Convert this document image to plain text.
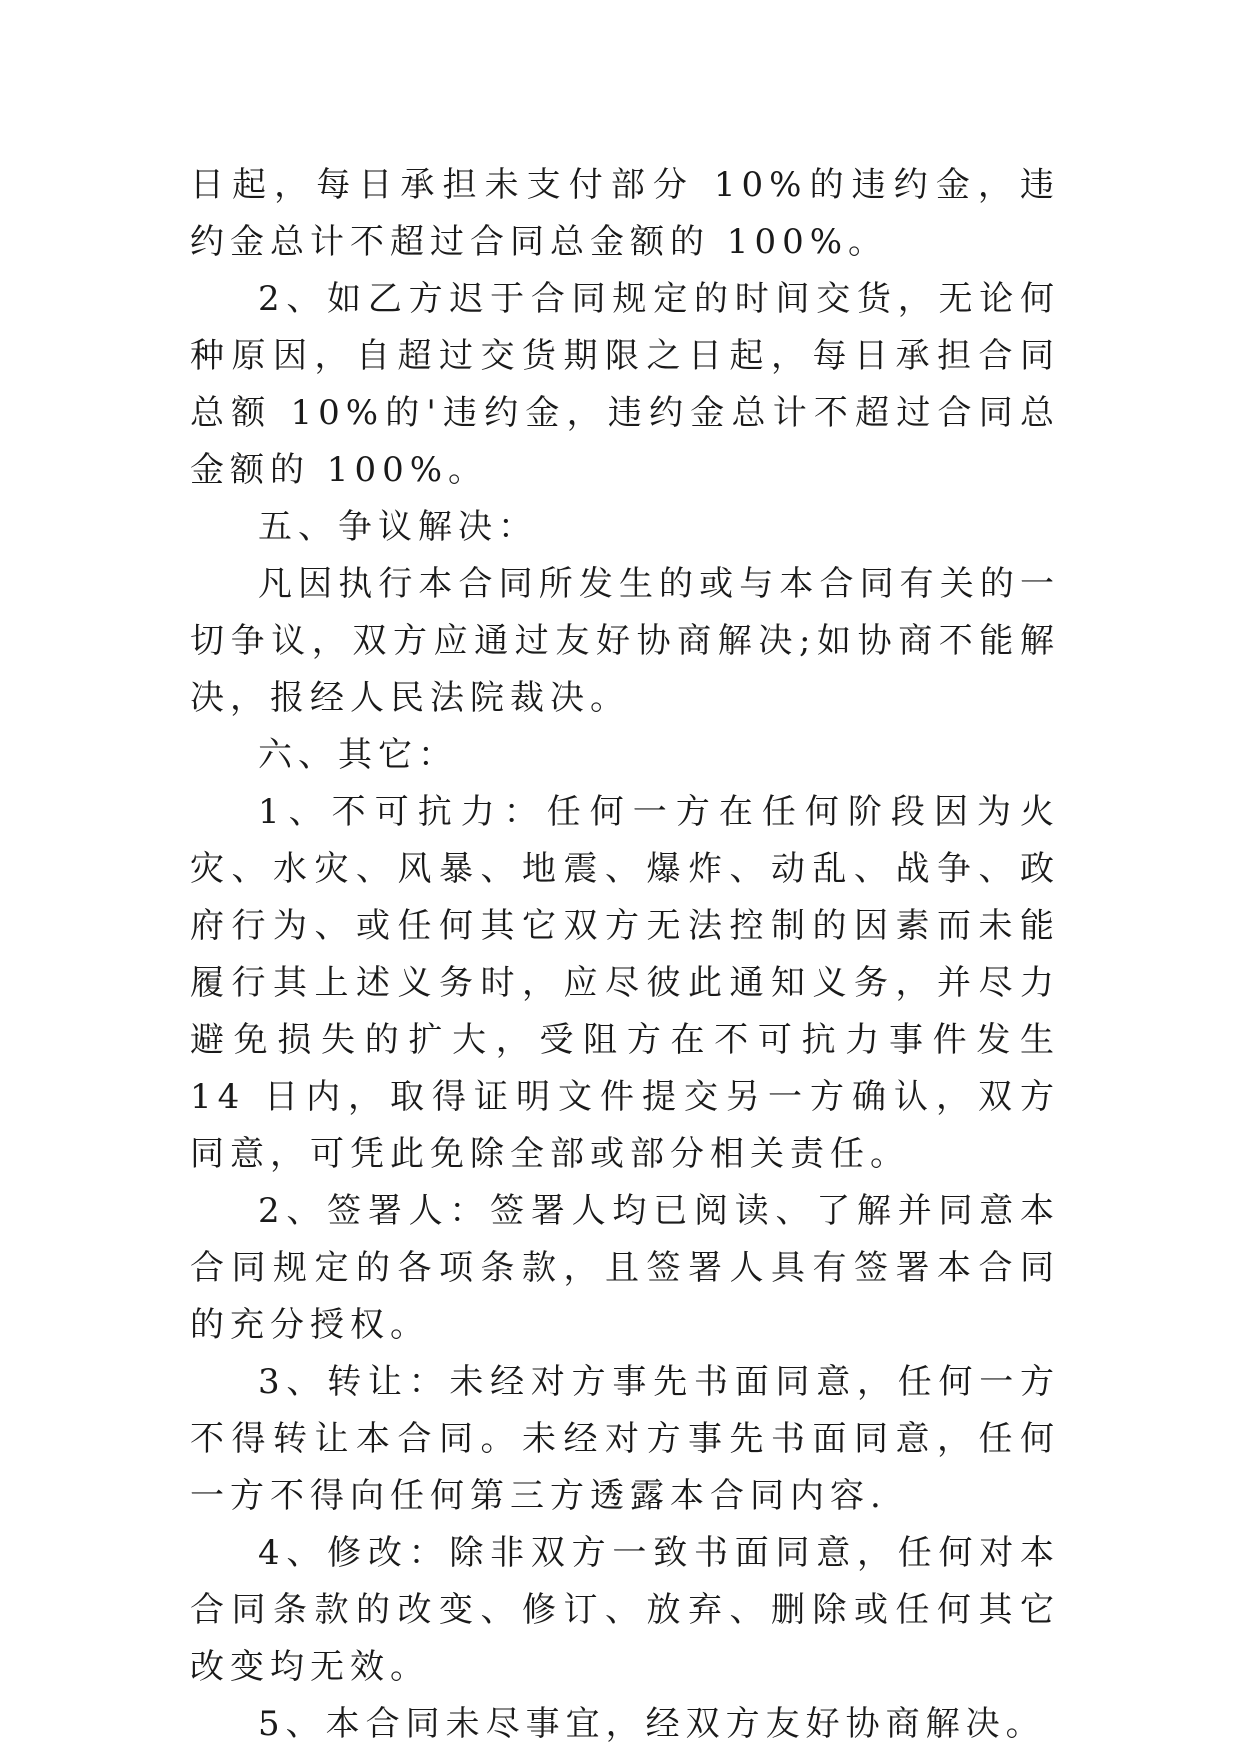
日起，每日承担未支付部分 10%的违约金，违约金总计不超过合同总金额的 100%。

2、如乙方迟于合同规定的时间交货，无论何种原因，自超过交货期限之日起，每日承担合同总额 10%的'违约金，违约金总计不超过合同总金额的 100%。

五、争议解决：

凡因执行本合同所发生的或与本合同有关的一切争议，双方应通过友好协商解决;如协商不能解决，报经人民法院裁决。

六、其它：

1、不可抗力：任何一方在任何阶段因为火灾、水灾、风暴、地震、爆炸、动乱、战争、政府行为、或任何其它双方无法控制的因素而未能履行其上述义务时，应尽彼此通知义务，并尽力避免损失的扩大，受阻方在不可抗力事件发生 14 日内，取得证明文件提交另一方确认，双方同意，可凭此免除全部或部分相关责任。

2、签署人：签署人均已阅读、了解并同意本合同规定的各项条款，且签署人具有签署本合同的充分授权。

3、转让：未经对方事先书面同意，任何一方不得转让本合同。未经对方事先书面同意，任何一方不得向任何第三方透露本合同内容.

4、修改：除非双方一致书面同意，任何对本合同条款的改变、修订、放弃、删除或任何其它改变均无效。

5、本合同未尽事宜，经双方友好协商解决。
